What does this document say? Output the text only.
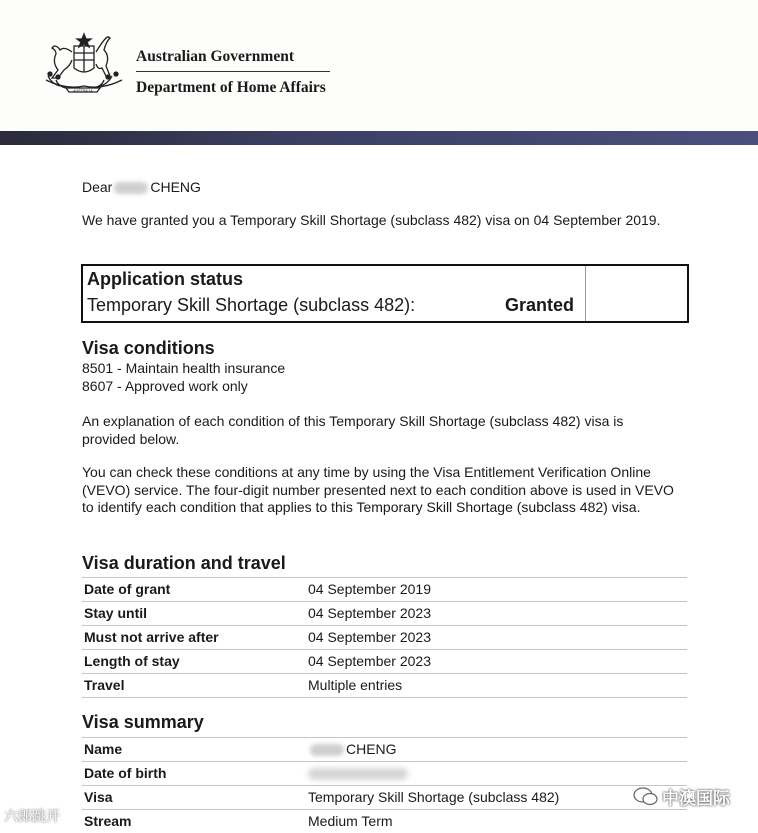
AUSTRALIA
Australian Government
Department of Home Affairs
Dear	CHENG
We have granted you a Temporary Skill Shortage (subclass 482) visa on 04 September 2019.
Application status
Temporary Skill Shortage (subclass 482):	Granted
Visa conditions
8501 - Maintain health insurance
8607 - Approved work only
An explanation of each condition of this Temporary Skill Shortage (subclass 482) visa is provided below.
You can check these conditions at any time by using the Visa Entitlement Verification Online (VEVO) service. The four-digit number presented next to each condition above is used in VEVO to identify each condition that applies to this Temporary Skill Shortage (subclass 482) visa.
Visa duration and travel
Date of grant	04 September 2019
Stay until	04 September 2023
Must not arrive after	04 September 2023
Length of stay	04 September 2023
Travel	Multiple entries
Visa summary
Name	CHENG
Date of birth
Visa	Temporary Skill Shortage (subclass 482)
Stream	Medium Term
六郎跳开
中澳国际
